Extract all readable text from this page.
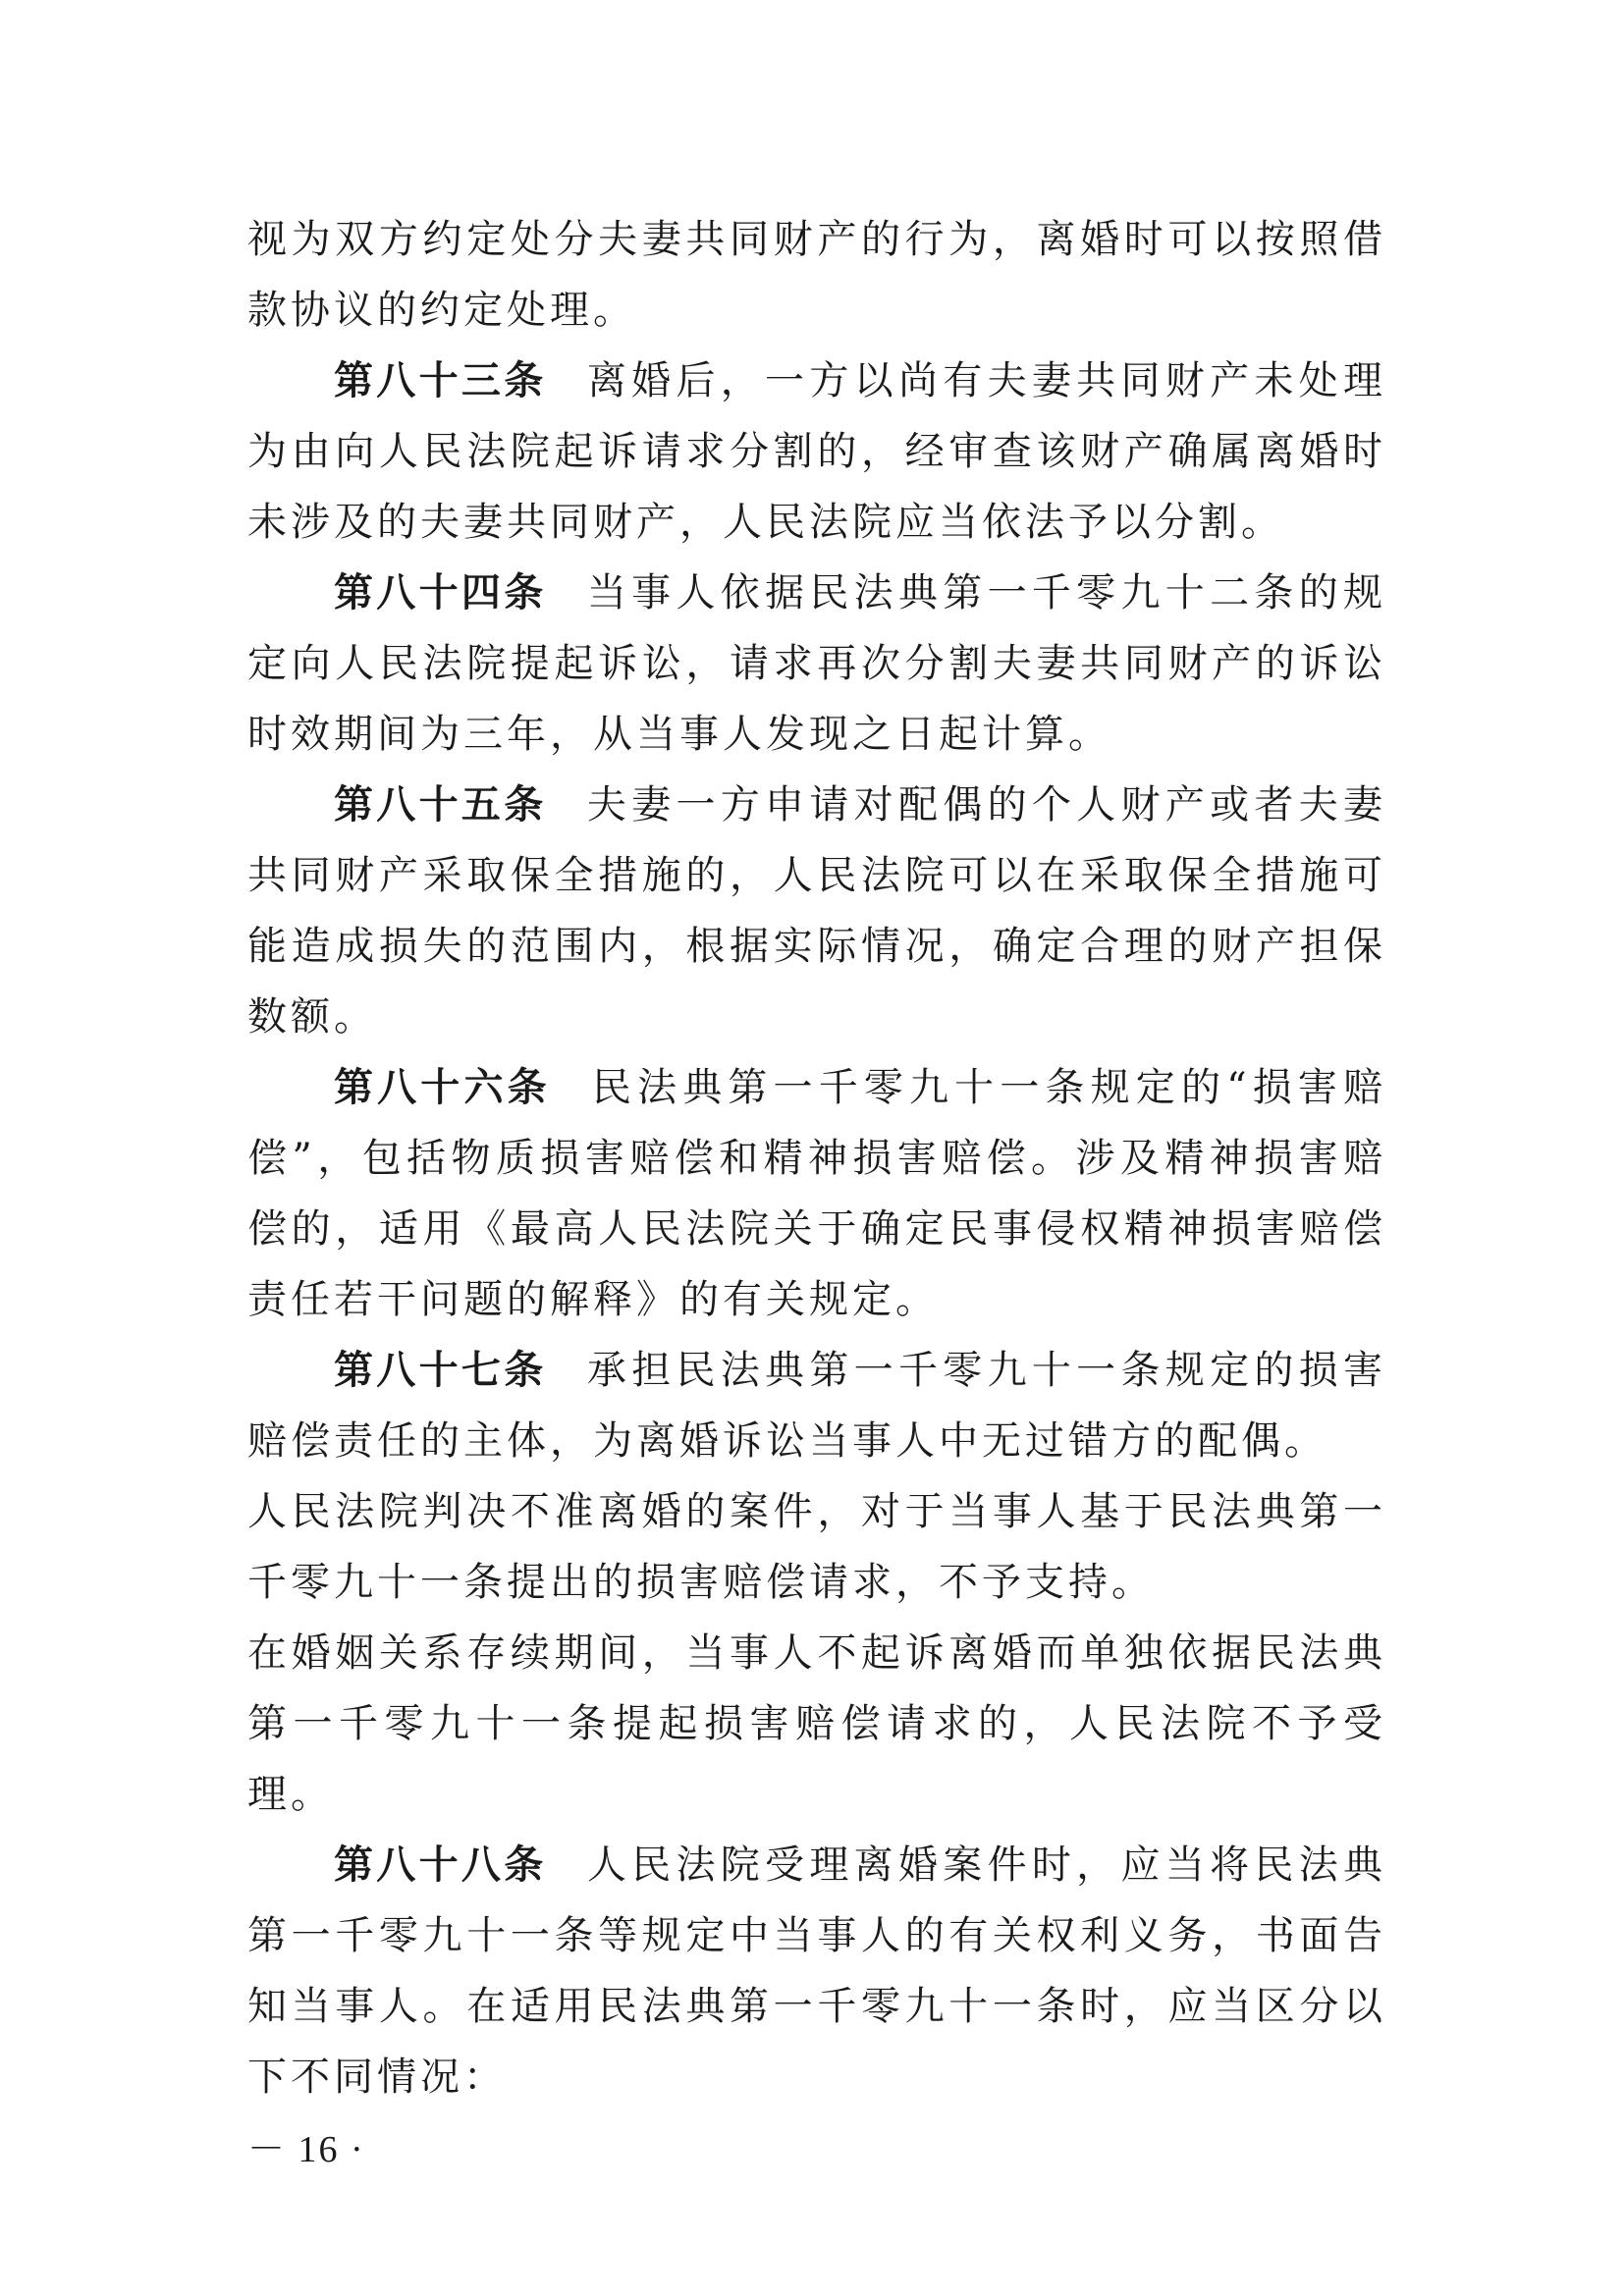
视为双方约定处分夫妻共同财产的行为，离婚时可以按照借款协议的约定处理。

第八十三条 离婚后，一方以尚有夫妻共同财产未处理为由向人民法院起诉请求分割的，经审查该财产确属离婚时未涉及的夫妻共同财产，人民法院应当依法予以分割。

第八十四条 当事人依据民法典第一千零九十二条的规定向人民法院提起诉讼，请求再次分割夫妻共同财产的诉讼时效期间为三年，从当事人发现之日起计算。

第八十五条 夫妻一方申请对配偶的个人财产或者夫妻共同财产采取保全措施的，人民法院可以在采取保全措施可能造成损失的范围内，根据实际情况，确定合理的财产担保数额。

第八十六条 民法典第一千零九十一条规定的“损害赔偿”，包括物质损害赔偿和精神损害赔偿。涉及精神损害赔偿的，适用《最高人民法院关于确定民事侵权精神损害赔偿责任若干问题的解释》的有关规定。

第八十七条 承担民法典第一千零九十一条规定的损害赔偿责任的主体，为离婚诉讼当事人中无过错方的配偶。

人民法院判决不准离婚的案件，对于当事人基于民法典第一千零九十一条提出的损害赔偿请求，不予支持。

在婚姻关系存续期间，当事人不起诉离婚而单独依据民法典第一千零九十一条提起损害赔偿请求的，人民法院不予受理。

第八十八条 人民法院受理离婚案件时，应当将民法典第一千零九十一条等规定中当事人的有关权利义务，书面告知当事人。在适用民法典第一千零九十一条时，应当区分以下不同情况：

－ 16 ·
